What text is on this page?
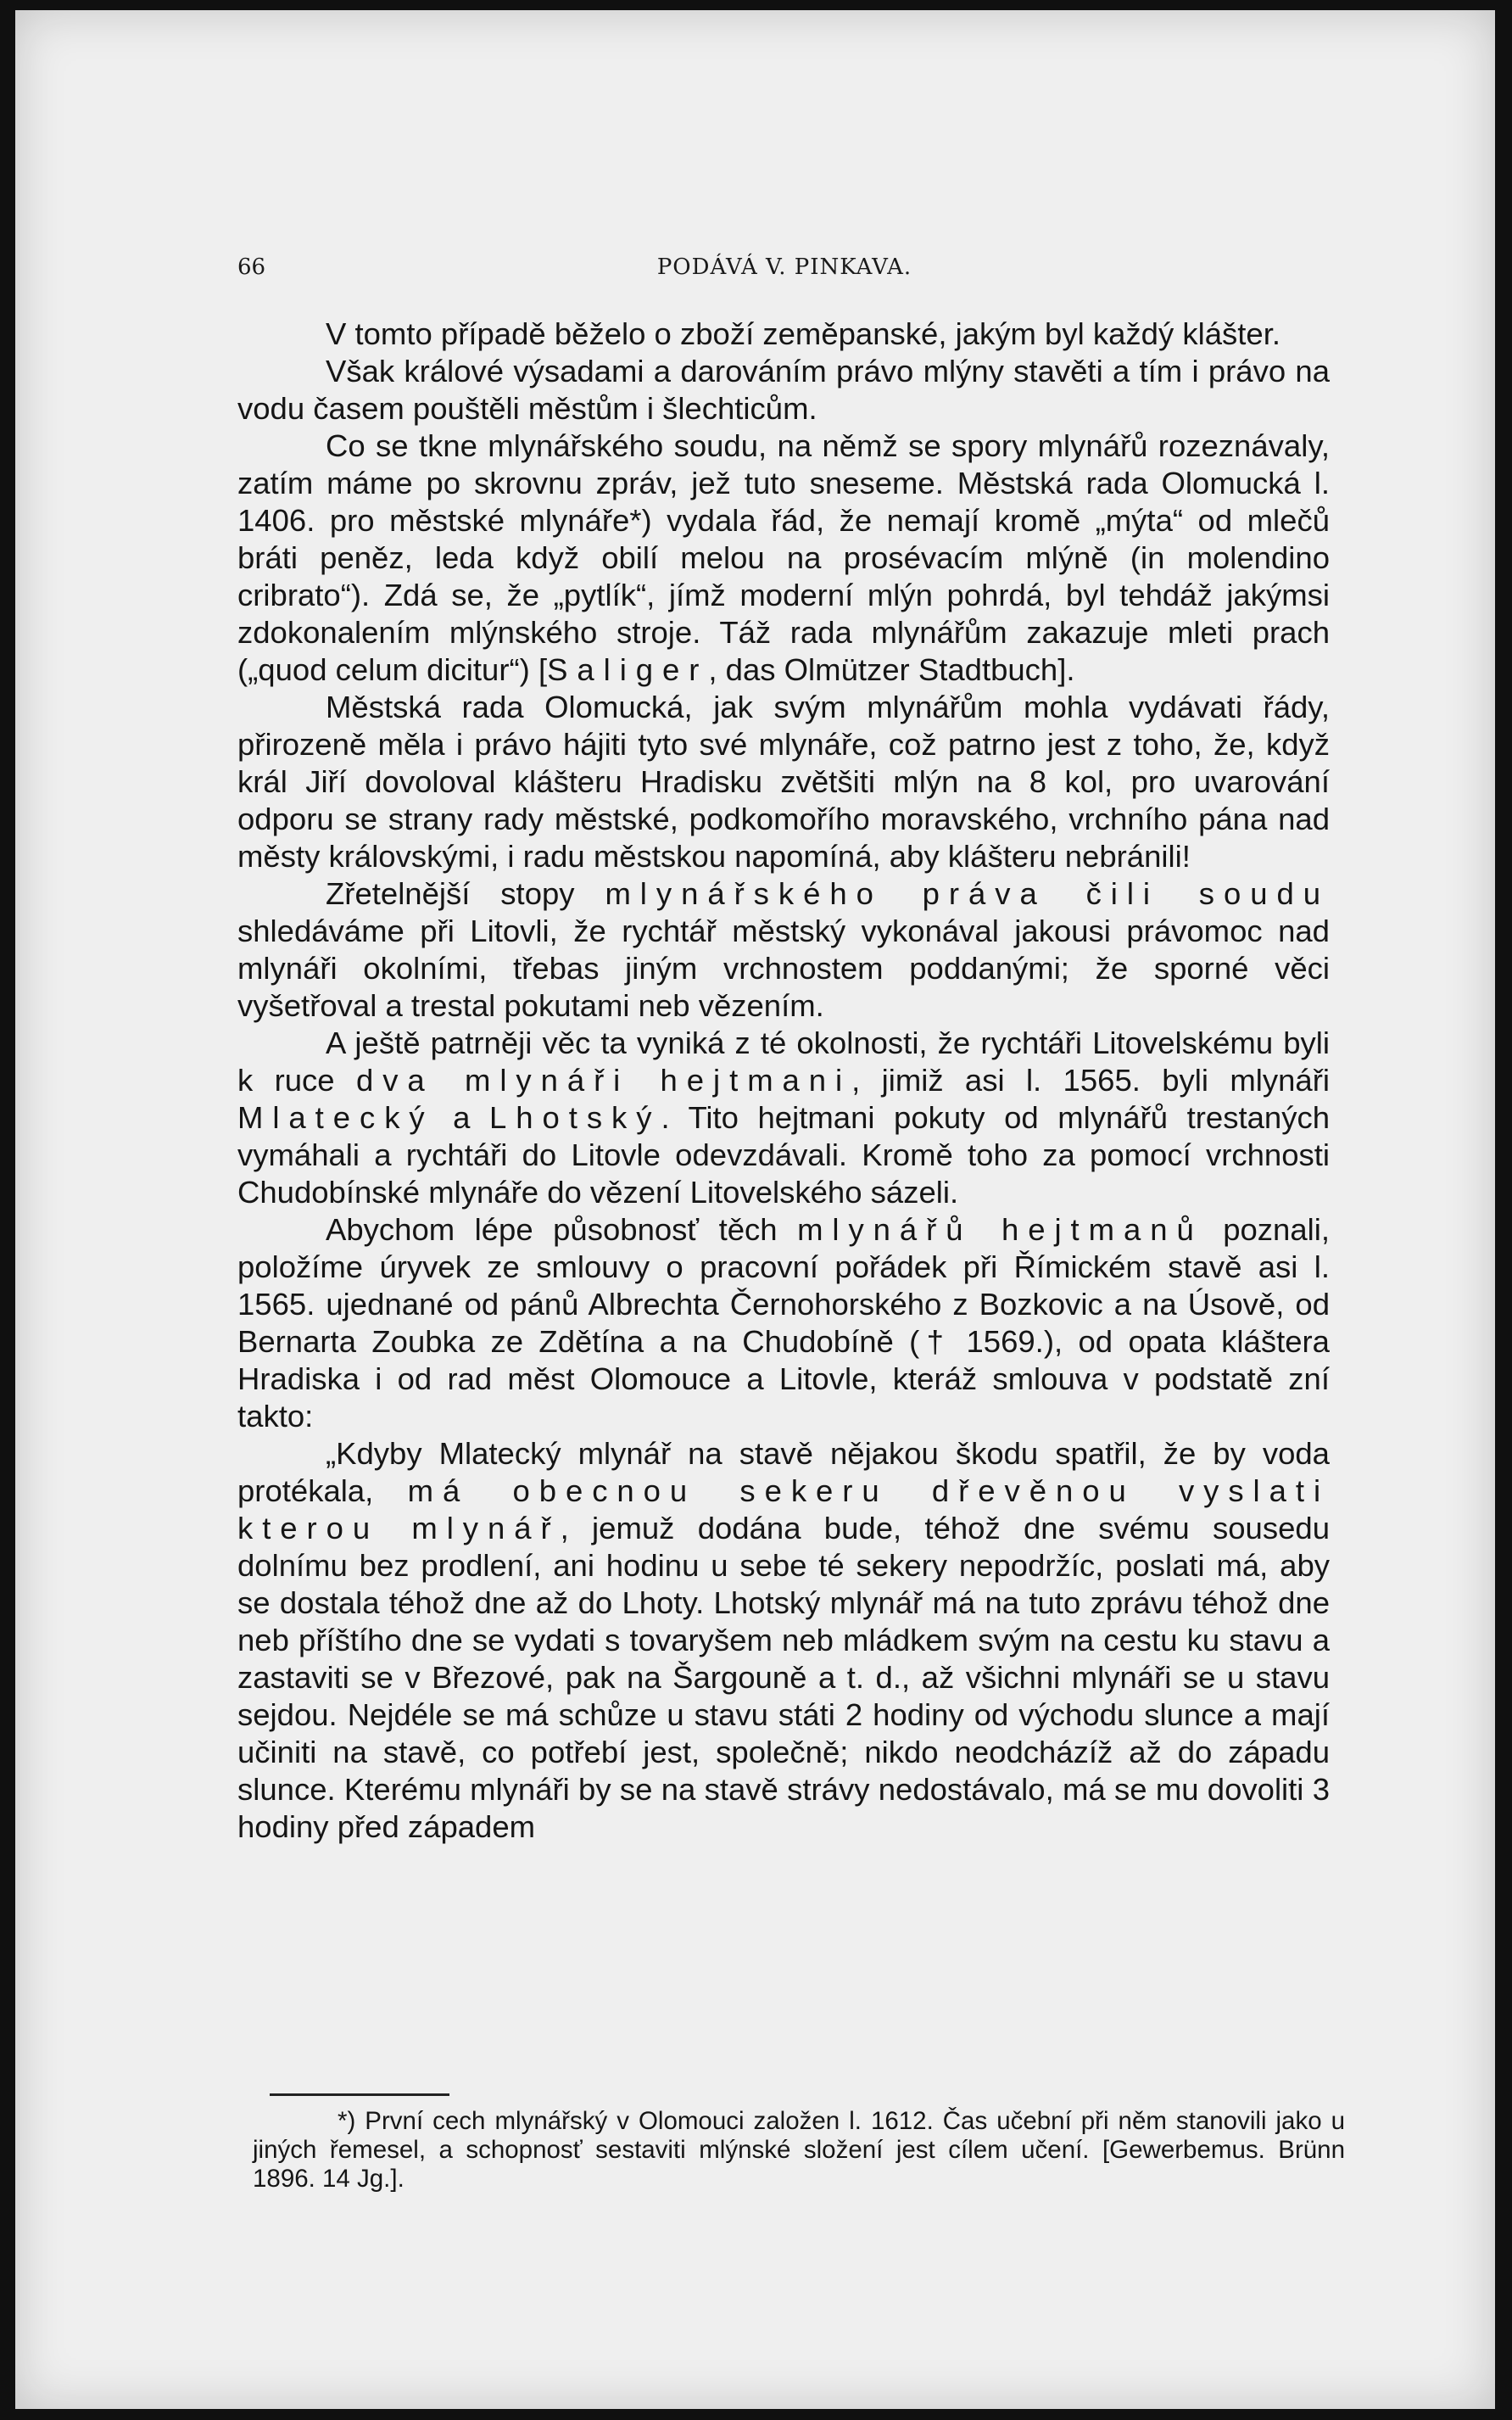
66	PODÁVÁ V. PINKAVA.

V tomto případě běželo o zboží zeměpanské, jakým byl každý klášter.

Však králové výsadami a darováním právo mlýny stavěti a tím i právo na vodu časem pouštěli městům i šlechticům.

Co se tkne mlynářského soudu, na němž se spory mlynářů rozeznávaly, zatím máme po skrovnu zpráv, jež tuto sneseme. Městská rada Olomucká l. 1406. pro městské mlynáře*) vydala řád, že nemají kromě „mýta“ od mlečů bráti peněz, leda když obilí melou na prosévacím mlýně (in molendino cribrato“). Zdá se, že „pytlík“, jímž moderní mlýn pohrdá, byl tehdáž jakýmsi zdokonalením mlýnského stroje. Táž rada mlynářům zakazuje mleti prach („quod celum dicitur“) [Saliger, das Olmützer Stadtbuch].

Městská rada Olomucká, jak svým mlynářům mohla vydávati řády, přirozeně měla i právo hájiti tyto své mlynáře, což patrno jest z toho, že, když král Jiří dovoloval klášteru Hradisku zvětšiti mlýn na 8 kol, pro uvarování odporu se strany rady městské, podkomořího moravského, vrchního pána nad městy královskými, i radu městskou napomíná, aby klášteru nebránili!

Zřetelnější stopy mlynářského práva čili soudu shledáváme při Litovli, že rychtář městský vykonával jakousi právomoc nad mlynáři okolními, třebas jiným vrchnostem poddanými; že sporné věci vyšetřoval a trestal pokutami neb vězením.

A ještě patrněji věc ta vyniká z té okolnosti, že rychtáři Litovelskému byli k ruce dva mlynáři hejtmani, jimiž asi l. 1565. byli mlynáři Mlatecký a Lhotský. Tito hejtmani pokuty od mlynářů trestaných vymáhali a rychtáři do Litovle odevzdávali. Kromě toho za pomocí vrchnosti Chudobínské mlynáře do vězení Litovelského sázeli.

Abychom lépe působnosť těch mlynářů hejtmanů poznali, položíme úryvek ze smlouvy o pracovní pořádek při Římickém stavě asi l. 1565. ujednané od pánů Albrechta Černohorského z Bozkovic a na Úsově, od Bernarta Zoubka ze Zdětína a na Chudobíně († 1569.), od opata kláštera Hradiska i od rad měst Olomouce a Litovle, kteráž smlouva v podstatě zní takto:

„Kdyby Mlatecký mlynář na stavě nějakou škodu spatřil, že by voda protékala, má obecnou sekeru dřevěnou vyslati kterou mlynář, jemuž dodána bude, téhož dne svému sousedu dolnímu bez prodlení, ani hodinu u sebe té sekery nepodržíc, poslati má, aby se dostala téhož dne až do Lhoty. Lhotský mlynář má na tuto zprávu téhož dne neb příštího dne se vydati s tovaryšem neb mládkem svým na cestu ku stavu a zastaviti se v Březové, pak na Šargouně a t. d., až všichni mlynáři se u stavu sejdou. Nejdéle se má schůze u stavu státi 2 hodiny od východu slunce a mají učiniti na stavě, co potřebí jest, společně; nikdo neodcházíž až do západu slunce. Kterému mlynáři by se na stavě strávy nedostávalo, má se mu dovoliti 3 hodiny před západem

*) První cech mlynářský v Olomouci založen l. 1612. Čas učební při něm stanovili jako u jiných řemesel, a schopnosť sestaviti mlýnské složení jest cílem učení. [Gewerbemus. Brünn 1896. 14 Jg.].
